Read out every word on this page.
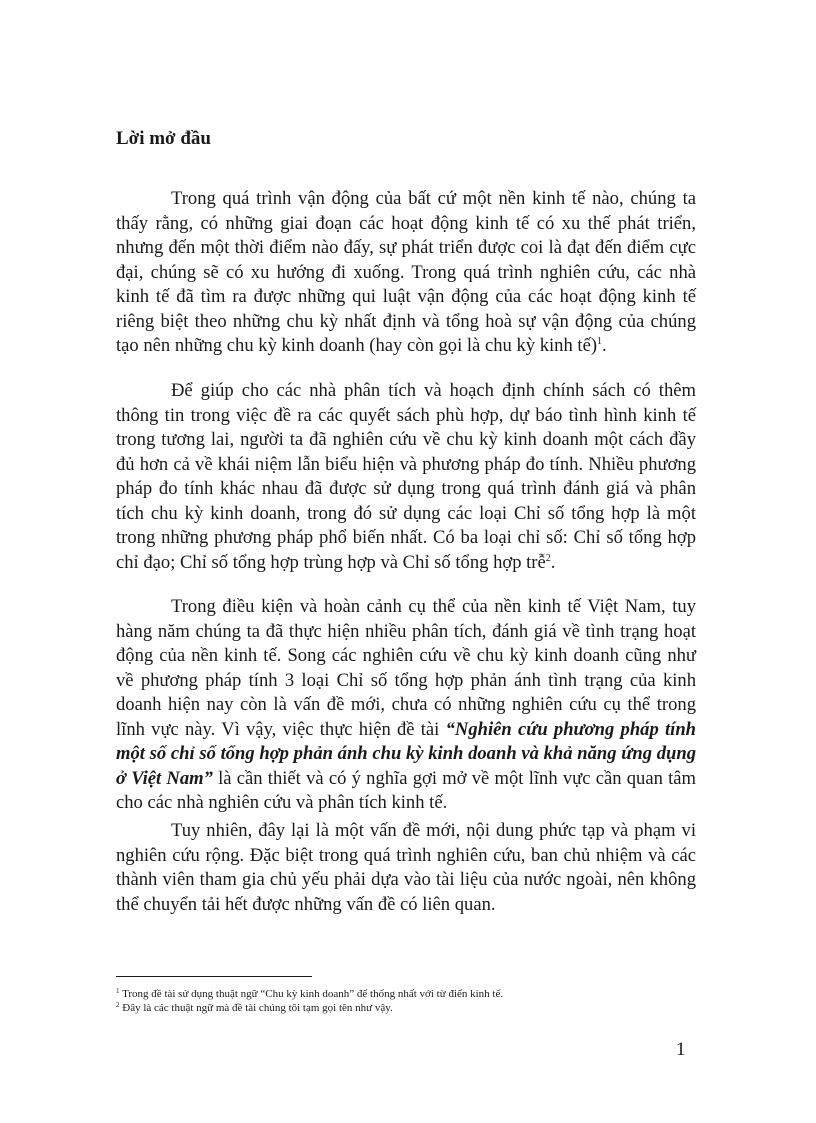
Lời mở đầu

Trong quá trình vận động của bất cứ một nền kinh tế nào, chúng ta thấy rằng, có những giai đoạn các hoạt động kinh tế có xu thế phát triển, nhưng đến một thời điểm nào đấy, sự phát triển được coi là đạt đến điểm cực đại, chúng sẽ có xu hướng đi xuống. Trong quá trình nghiên cứu, các nhà kinh tế đã tìm ra được những qui luật vận động của các hoạt động kinh tế riêng biệt theo những chu kỳ nhất định và tổng hoà sự vận động của chúng tạo nên những chu kỳ kinh doanh (hay còn gọi là chu kỳ kinh tế)$^1$.

Để giúp cho các nhà phân tích và hoạch định chính sách có thêm thông tin trong việc đề ra các quyết sách phù hợp, dự báo tình hình kinh tế trong tương lai, người ta đã nghiên cứu về chu kỳ kinh doanh một cách đầy đủ hơn cả về khái niệm lẫn biểu hiện và phương pháp đo tính. Nhiều phương pháp đo tính khác nhau đã được sử dụng trong quá trình đánh giá và phân tích chu kỳ kinh doanh, trong đó sử dụng các loại Chỉ số tổng hợp là một trong những phương pháp phổ biến nhất. Có ba loại chỉ số: Chỉ số tổng hợp chỉ đạo; Chỉ số tổng hợp trùng hợp và Chỉ số tổng hợp trễ$^2$.

Trong điều kiện và hoàn cảnh cụ thể của nền kinh tế Việt Nam, tuy hàng năm chúng ta đã thực hiện nhiều phân tích, đánh giá về tình trạng hoạt động của nền kinh tế. Song các nghiên cứu về chu kỳ kinh doanh cũng như về phương pháp tính 3 loại Chỉ số tổng hợp phản ánh tình trạng của kinh doanh hiện nay còn là vấn đề mới, chưa có những nghiên cứu cụ thể trong lĩnh vực này. Vì vậy, việc thực hiện đề tài “Nghiên cứu phương pháp tính một số chỉ số tổng hợp phản ánh chu kỳ kinh doanh và khả năng ứng dụng ở Việt Nam” là cần thiết và có ý nghĩa gợi mở về một lĩnh vực cần quan tâm cho các nhà nghiên cứu và phân tích kinh tế.

Tuy nhiên, đây lại là một vấn đề mới, nội dung phức tạp và phạm vi nghiên cứu rộng. Đặc biệt trong quá trình nghiên cứu, ban chủ nhiệm và các thành viên tham gia chủ yếu phải dựa vào tài liệu của nước ngoài, nên không thể chuyển tải hết được những vấn đề có liên quan.

$^1$ Trong đề tài sử dụng thuật ngữ “Chu kỳ kinh doanh” để thống nhất với từ điển kinh tế.

$^2$ Đây là các thuật ngữ mà đề tài chúng tôi tạm gọi tên như vậy.

1
